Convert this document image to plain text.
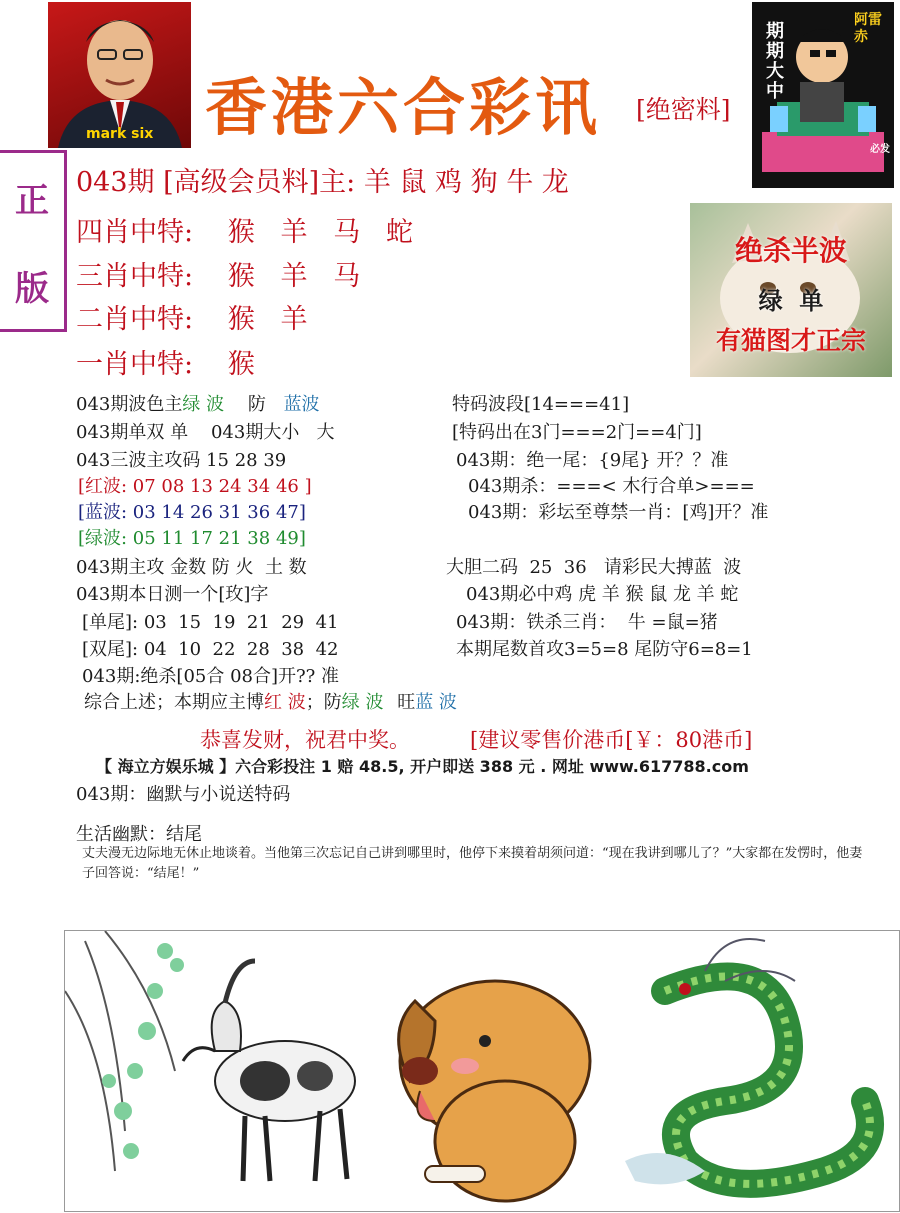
mark six 香港六合彩讯 [绝密料]
期期大中
阿雷赤
必发
正
版
043期 [高级会员料]主: 羊 鼠 鸡 狗 牛 龙
四肖中特: 猴   羊   马   蛇
三肖中特: 猴   羊   马
二肖中特: 猴   羊
一肖中特: 猴
绝杀半波
绿  单
有猫图才正宗
043期波色主绿 波 防 蓝波
043期单双 单    043期大小   大
043三波主攻码 15 28 39
[红波: 07 08 13 24 34 46 ]
[蓝波: 03 14 26 31 36 47]
[绿波: 05 11 17 21 38 49]
043期主攻 金数 防 火  土 数
043期本日测一个[玫]字
[单尾]: 03  15  19  21  29  41
[双尾]: 04  10  22  28  38  42
043期:绝杀[05合 08合]开?? 准
综合上述；本期应主博红 波；防绿 波 旺蓝 波
特码波段[14===41]
[特码出在3门===2门==4门]
043期：绝一尾：{9尾} 开？？准
043期杀：===< 木行合单>===
043期：彩坛至尊禁一肖：[鸡]开？准
大胆二码  25  36   请彩民大搏蓝  波
043期必中鸡 虎 羊 猴 鼠 龙 羊 蛇
043期：铁杀三肖：  牛 =鼠=猪
本期尾数首攻3=5=8 尾防守6=8=1
恭喜发财，祝君中奖。	[建议零售价港币[￥：80港币]
【 海立方娱乐城 】六合彩投注 1 赔 48.5, 开户即送 388 元 . 网址 www.617788.com
043期：幽默与小说送特码
生活幽默：结尾
丈夫漫无边际地无休止地谈着。当他第三次忘记自己讲到哪里时，他停下来摸着胡须问道：“现在我讲到哪儿了？”大家都在发愣时，他妻子回答说：“结尾！”
